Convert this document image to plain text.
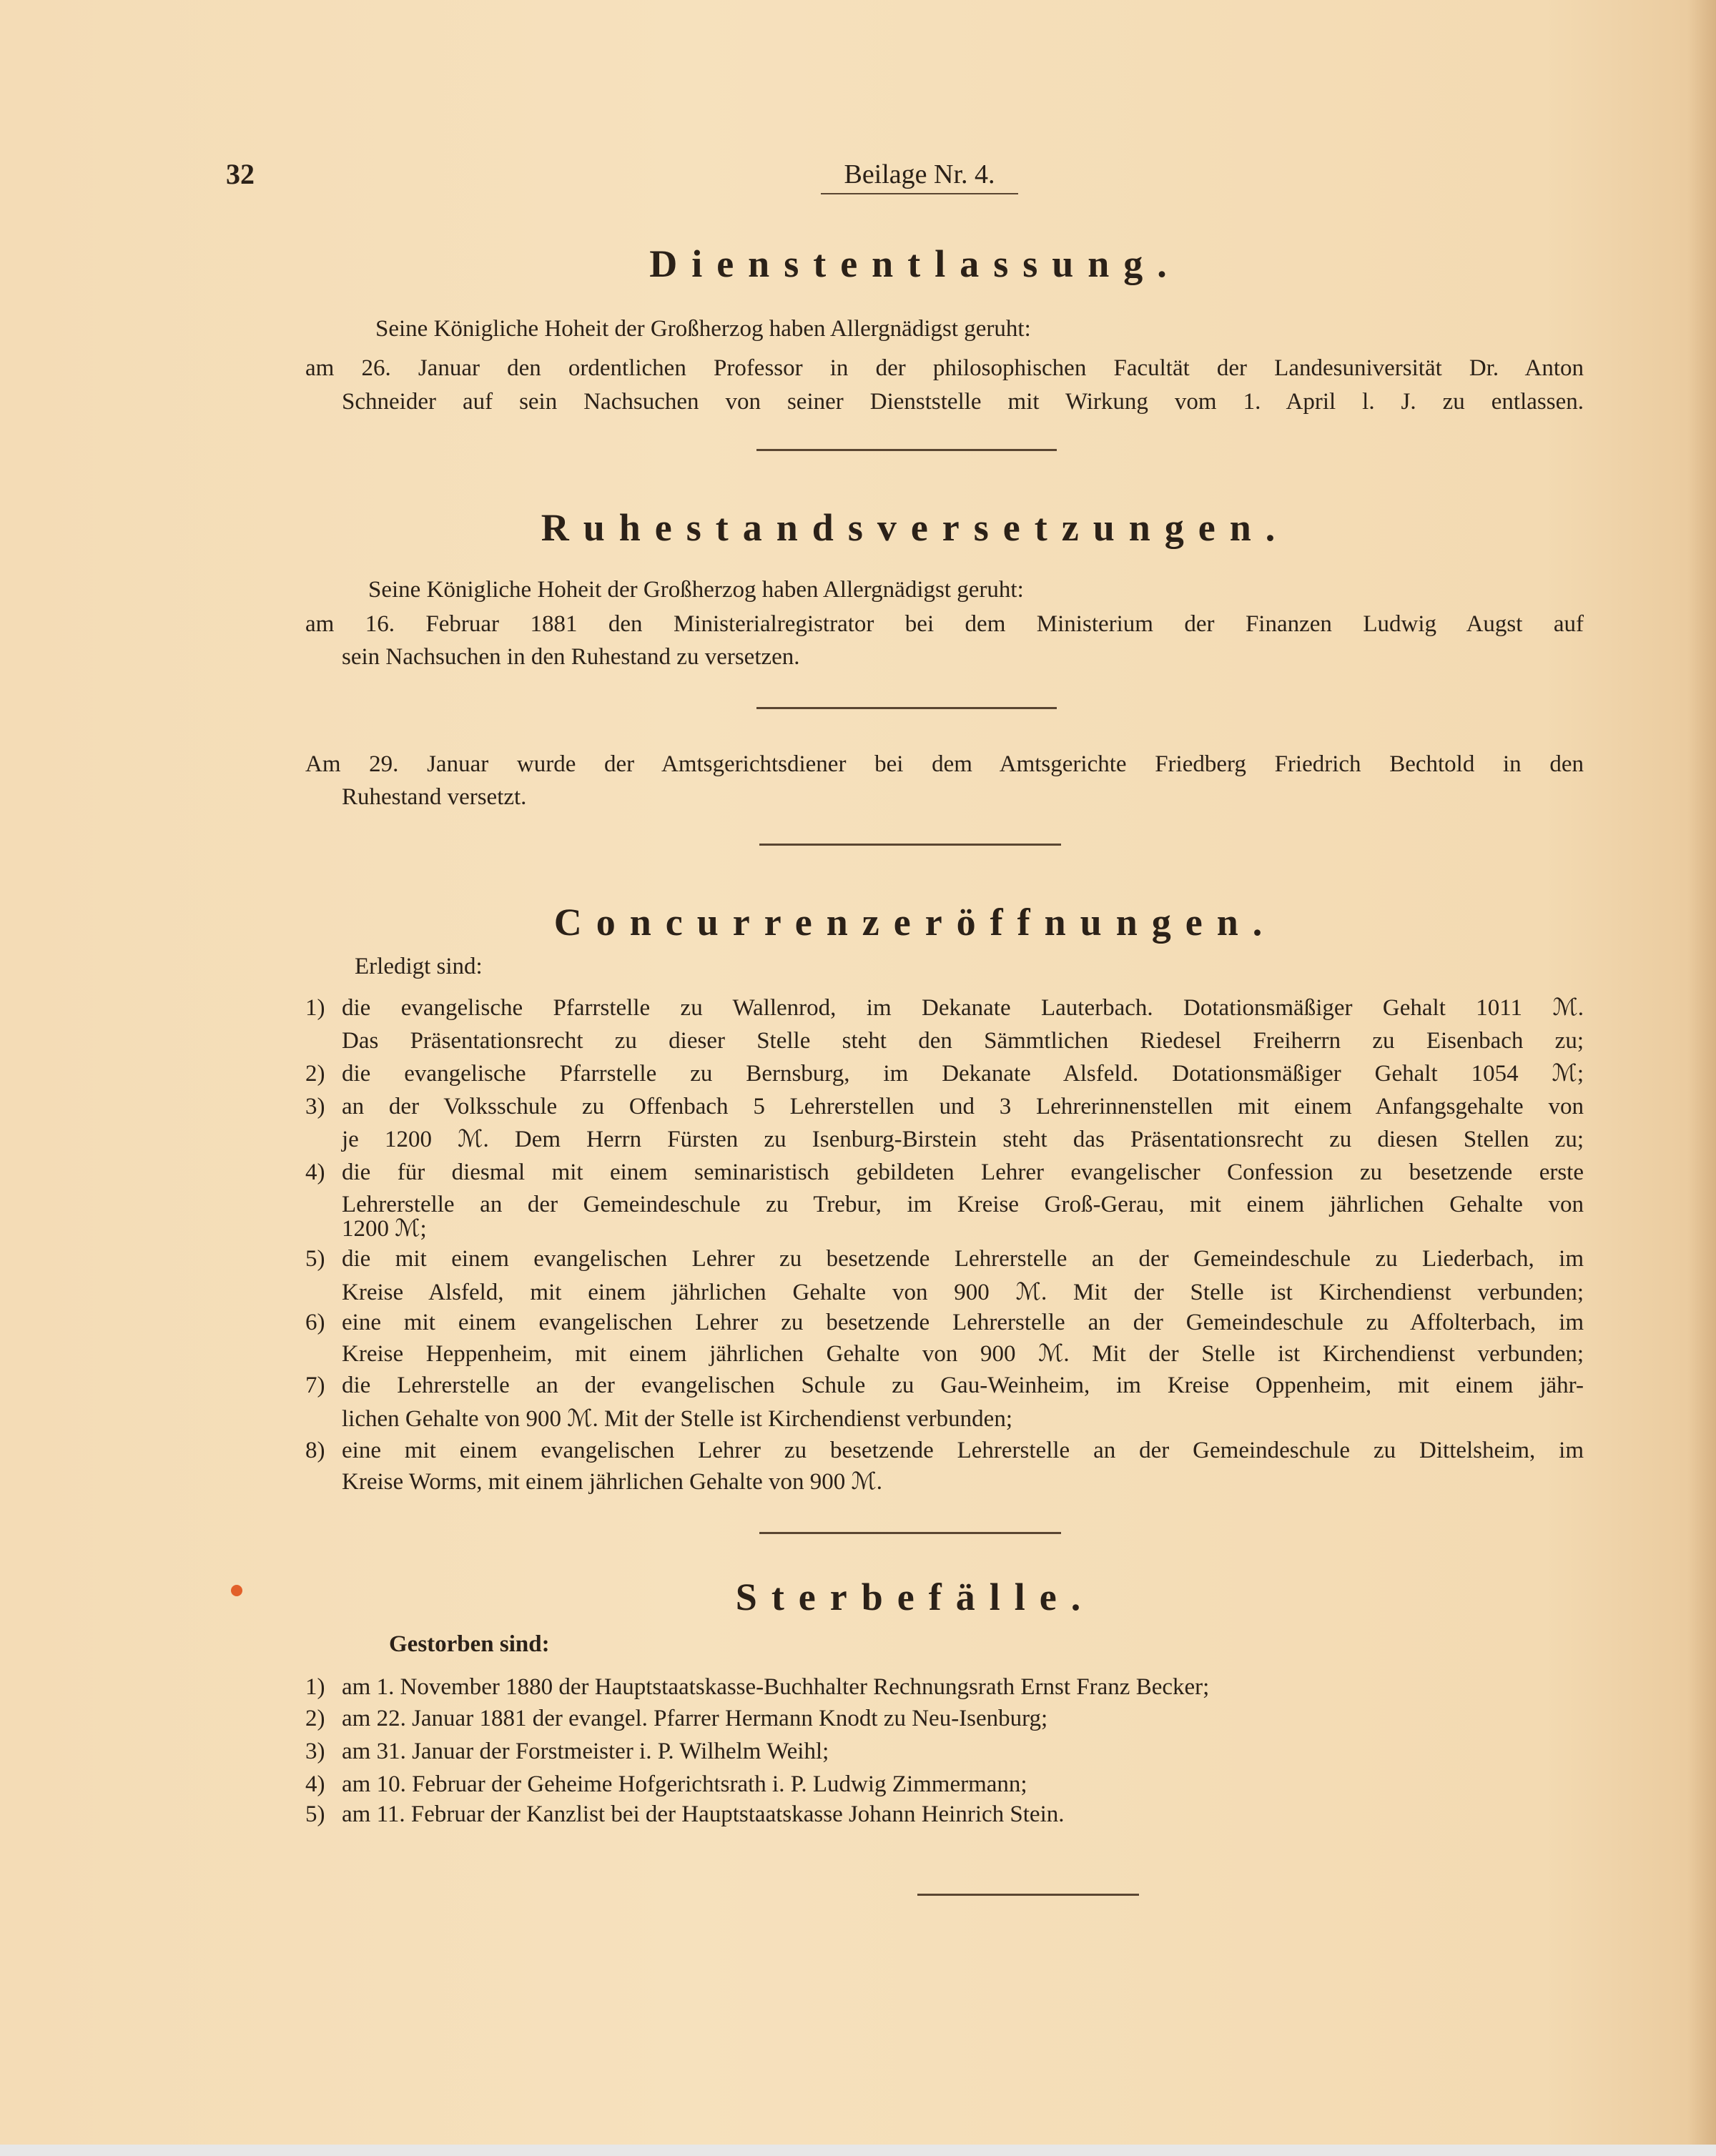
32	Beilage Nr. 4.
Dienstentlassung.
Seine Königliche Hoheit der Großherzog haben Allergnädigst geruht:
am 26. Januar den ordentlichen Professor in der philosophischen Facultät der Landesuniversität Dr. Anton
Schneider auf sein Nachsuchen von seiner Dienststelle mit Wirkung vom 1. April l. J. zu entlassen.
Ruhestandsversetzungen.
Seine Königliche Hoheit der Großherzog haben Allergnädigst geruht:
am 16. Februar 1881 den Ministerialregistrator bei dem Ministerium der Finanzen Ludwig Augst auf
sein Nachsuchen in den Ruhestand zu versetzen.
Am 29. Januar wurde der Amtsgerichtsdiener bei dem Amtsgerichte Friedberg Friedrich Bechtold in den
Ruhestand versetzt.
Concurrenzeröffnungen.
Erledigt sind:
1) die evangelische Pfarrstelle zu Wallenrod, im Dekanate Lauterbach. Dotationsmäßiger Gehalt 1011 ℳ.
Das Präsentationsrecht zu dieser Stelle steht den Sämmtlichen Riedesel Freiherrn zu Eisenbach zu;
2) die evangelische Pfarrstelle zu Bernsburg, im Dekanate Alsfeld. Dotationsmäßiger Gehalt 1054 ℳ;
3) an der Volksschule zu Offenbach 5 Lehrerstellen und 3 Lehrerinnenstellen mit einem Anfangsgehalte von
je 1200 ℳ. Dem Herrn Fürsten zu Isenburg-Birstein steht das Präsentationsrecht zu diesen Stellen zu;
4) die für diesmal mit einem seminaristisch gebildeten Lehrer evangelischer Confession zu besetzende erste
Lehrerstelle an der Gemeindeschule zu Trebur, im Kreise Groß-Gerau, mit einem jährlichen Gehalte von
1200 ℳ;
5) die mit einem evangelischen Lehrer zu besetzende Lehrerstelle an der Gemeindeschule zu Liederbach, im
Kreise Alsfeld, mit einem jährlichen Gehalte von 900 ℳ. Mit der Stelle ist Kirchendienst verbunden;
6) eine mit einem evangelischen Lehrer zu besetzende Lehrerstelle an der Gemeindeschule zu Affolterbach, im
Kreise Heppenheim, mit einem jährlichen Gehalte von 900 ℳ. Mit der Stelle ist Kirchendienst verbunden;
7) die Lehrerstelle an der evangelischen Schule zu Gau-Weinheim, im Kreise Oppenheim, mit einem jähr-
lichen Gehalte von 900 ℳ. Mit der Stelle ist Kirchendienst verbunden;
8) eine mit einem evangelischen Lehrer zu besetzende Lehrerstelle an der Gemeindeschule zu Dittelsheim, im
Kreise Worms, mit einem jährlichen Gehalte von 900 ℳ.
Sterbefälle.
Gestorben sind:
1) am 1. November 1880 der Hauptstaatskasse-Buchhalter Rechnungsrath Ernst Franz Becker;
2) am 22. Januar 1881 der evangel. Pfarrer Hermann Knodt zu Neu-Isenburg;
3) am 31. Januar der Forstmeister i. P. Wilhelm Weihl;
4) am 10. Februar der Geheime Hofgerichtsrath i. P. Ludwig Zimmermann;
5) am 11. Februar der Kanzlist bei der Hauptstaatskasse Johann Heinrich Stein.
